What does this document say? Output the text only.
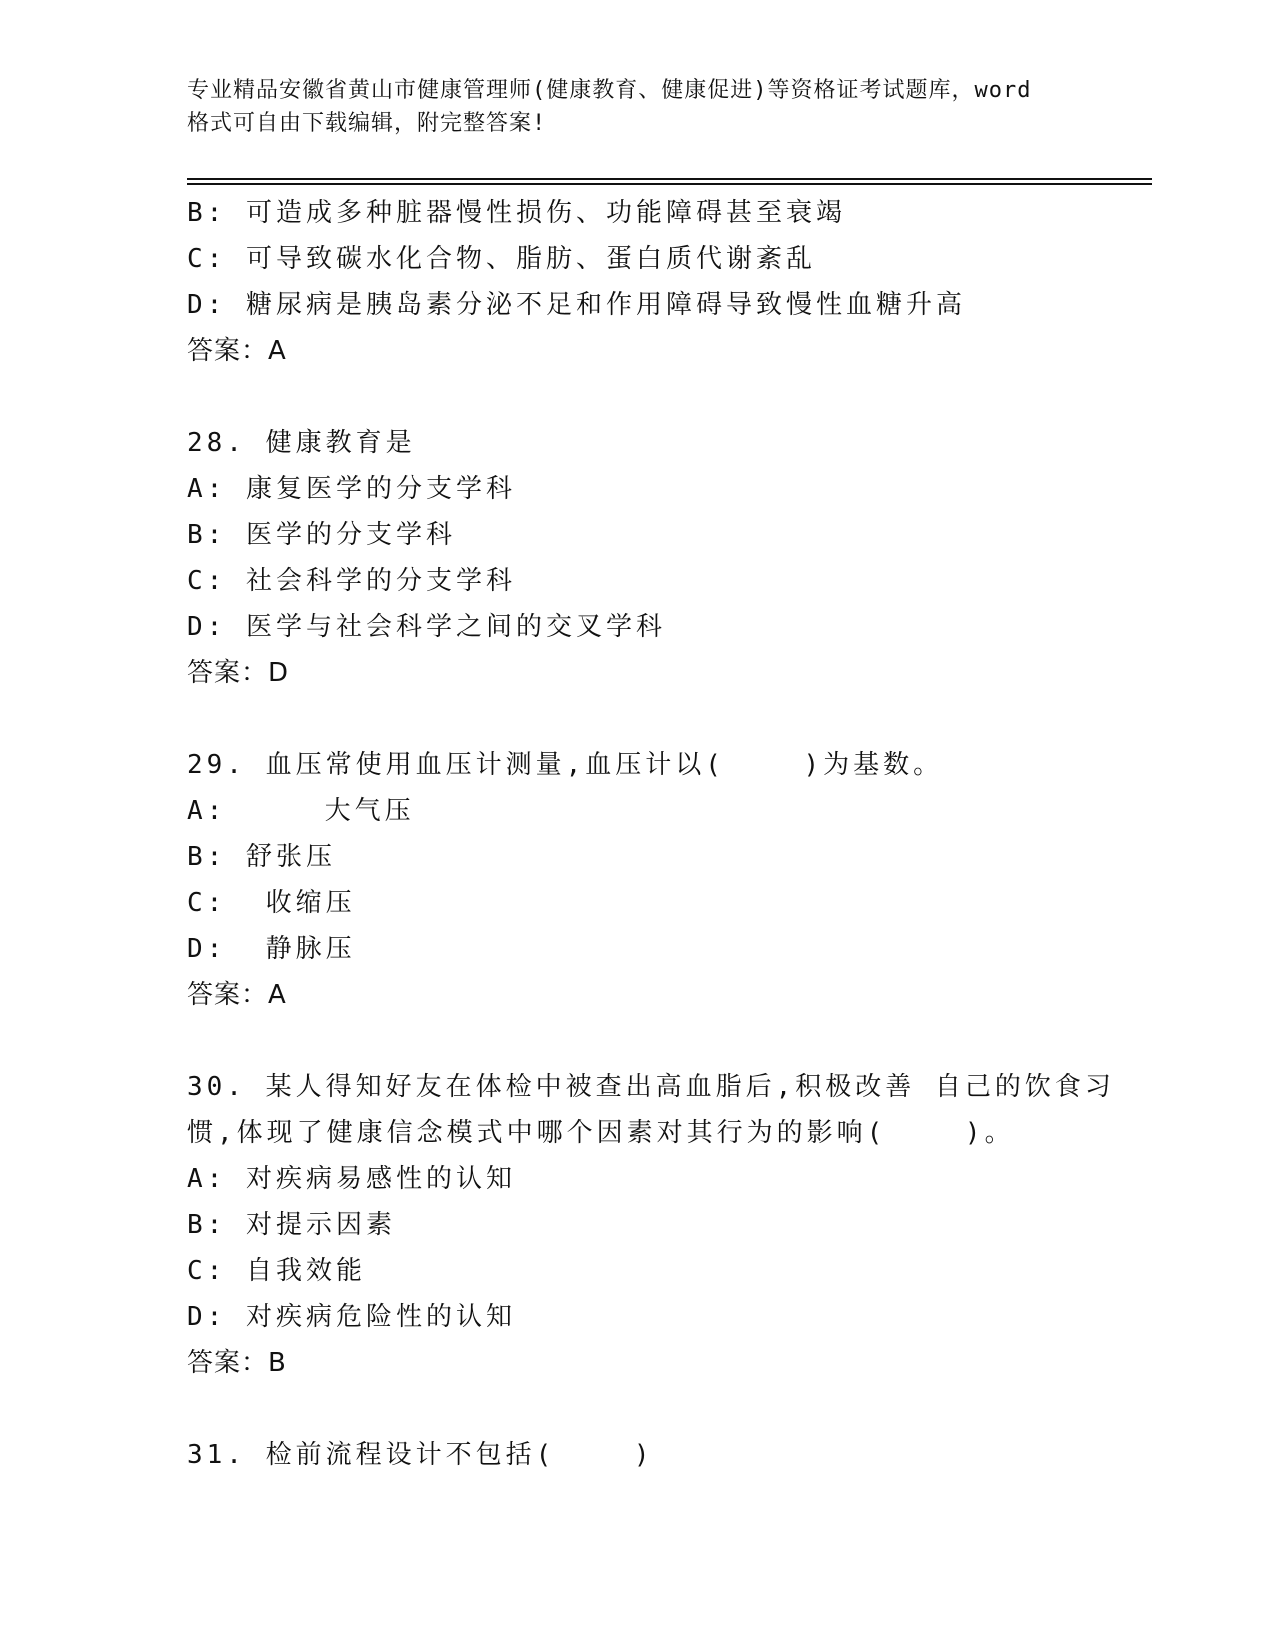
专业精品安徽省黄山市健康管理师(健康教育、健康促进)等资格证考试题库，word
格式可自由下载编辑，附完整答案!
B: 可造成多种脏器慢性损伤、功能障碍甚至衰竭
C: 可导致碳水化合物、脂肪、蛋白质代谢紊乱
D: 糖尿病是胰岛素分泌不足和作用障碍导致慢性血糖升高
答案：A
28. 健康教育是
A: 康复医学的分支学科
B: 医学的分支学科
C: 社会科学的分支学科
D: 医学与社会科学之间的交叉学科
答案：D
29. 血压常使用血压计测量,血压计以(    )为基数。
A:     大气压
B: 舒张压
C:  收缩压
D:  静脉压
答案：A
30. 某人得知好友在体检中被查出高血脂后,积极改善 自己的饮食习
惯,体现了健康信念模式中哪个因素对其行为的影响(    )。
A: 对疾病易感性的认知
B: 对提示因素
C: 自我效能
D: 对疾病危险性的认知
答案：B
31. 检前流程设计不包括(    )
